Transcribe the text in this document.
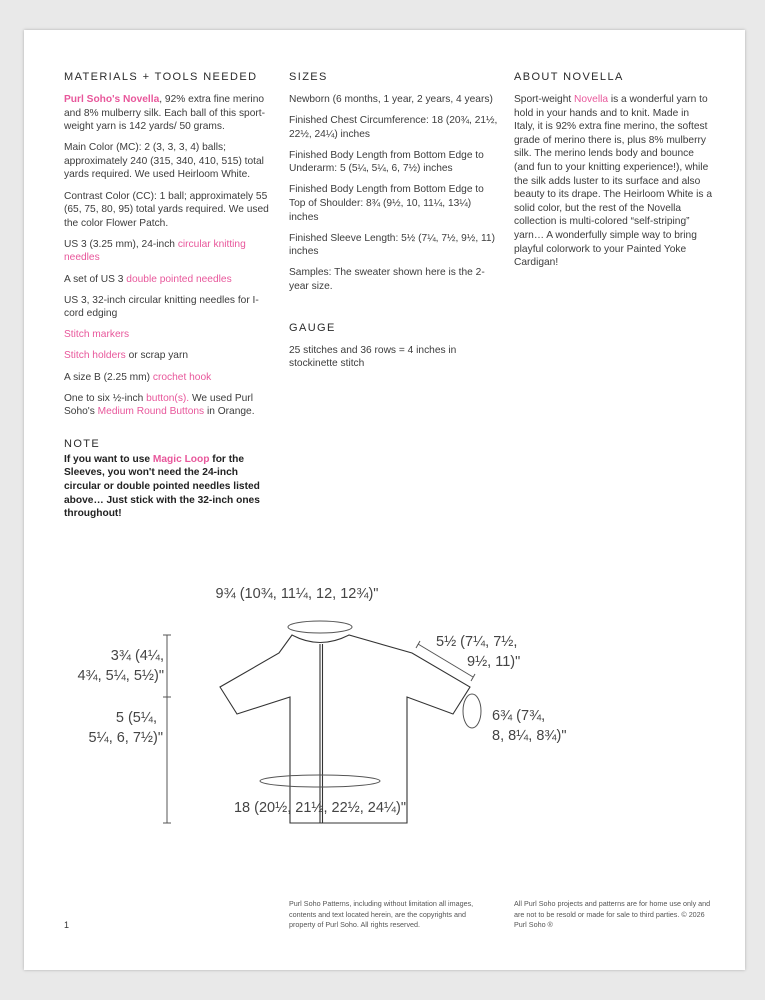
MATERIALS + TOOLS NEEDED
Purl Soho's Novella, 92% extra fine merino and 8% mulberry silk. Each ball of this sport-weight yarn is 142 yards/ 50 grams.
Main Color (MC): 2 (3, 3, 3, 4) balls; approximately 240 (315, 340, 410, 515) total yards required. We used Heirloom White.
Contrast Color (CC): 1 ball; approximately 55 (65, 75, 80, 95) total yards required. We used the color Flower Patch.
US 3 (3.25 mm), 24-inch circular knitting needles
A set of US 3 double pointed needles
US 3, 32-inch circular knitting needles for I-cord edging
Stitch markers
Stitch holders or scrap yarn
A size B (2.25 mm) crochet hook
One to six ½-inch button(s). We used Purl Soho's Medium Round Buttons in Orange.
NOTE
If you want to use Magic Loop for the Sleeves, you won't need the 24-inch circular or double pointed needles listed above… Just stick with the 32-inch ones throughout!
SIZES
Newborn (6 months, 1 year, 2 years, 4 years)
Finished Chest Circumference: 18 (20¾, 21½, 22½, 24¼) inches
Finished Body Length from Bottom Edge to Underarm: 5 (5¼, 5¼, 6, 7½) inches
Finished Body Length from Bottom Edge to Top of Shoulder: 8¾ (9½, 10, 11¼, 13¼) inches
Finished Sleeve Length: 5½ (7¼, 7½, 9½, 11) inches
Samples: The sweater shown here is the 2-year size.
GAUGE
25 stitches and 36 rows = 4 inches in stockinette stitch
ABOUT NOVELLA
Sport-weight Novella is a wonderful yarn to hold in your hands and to knit. Made in Italy, it is 92% extra fine merino, the softest grade of merino there is, plus 8% mulberry silk. The merino lends body and bounce (and fun to your knitting experience!), while the silk adds luster to its surface and also beauty to its drape. The Heirloom White is a solid color, but the rest of the Novella collection is multi-colored “self-striping” yarn… A wonderfully simple way to bring playful colorwork to your Painted Yoke Cardigan!
9¾ (10¾, 11¼, 12, 12¾)"
3¾ (4¼,
4¾, 5¼, 5½)"
5 (5¼,
5¼, 6, 7½)"
5½ (7¼, 7½,
9½, 11)"
6¾ (7¾,
8, 8¼, 8¾)"
18 (20½, 21½, 22½, 24¼)"
1
Purl Soho Patterns, including without limitation all images, contents and text located herein, are the copyrights and property of Purl Soho. All rights reserved.
All Purl Soho projects and patterns are for home use only and are not to be resold or made for sale to third parties. © 2026 Purl Soho ®
